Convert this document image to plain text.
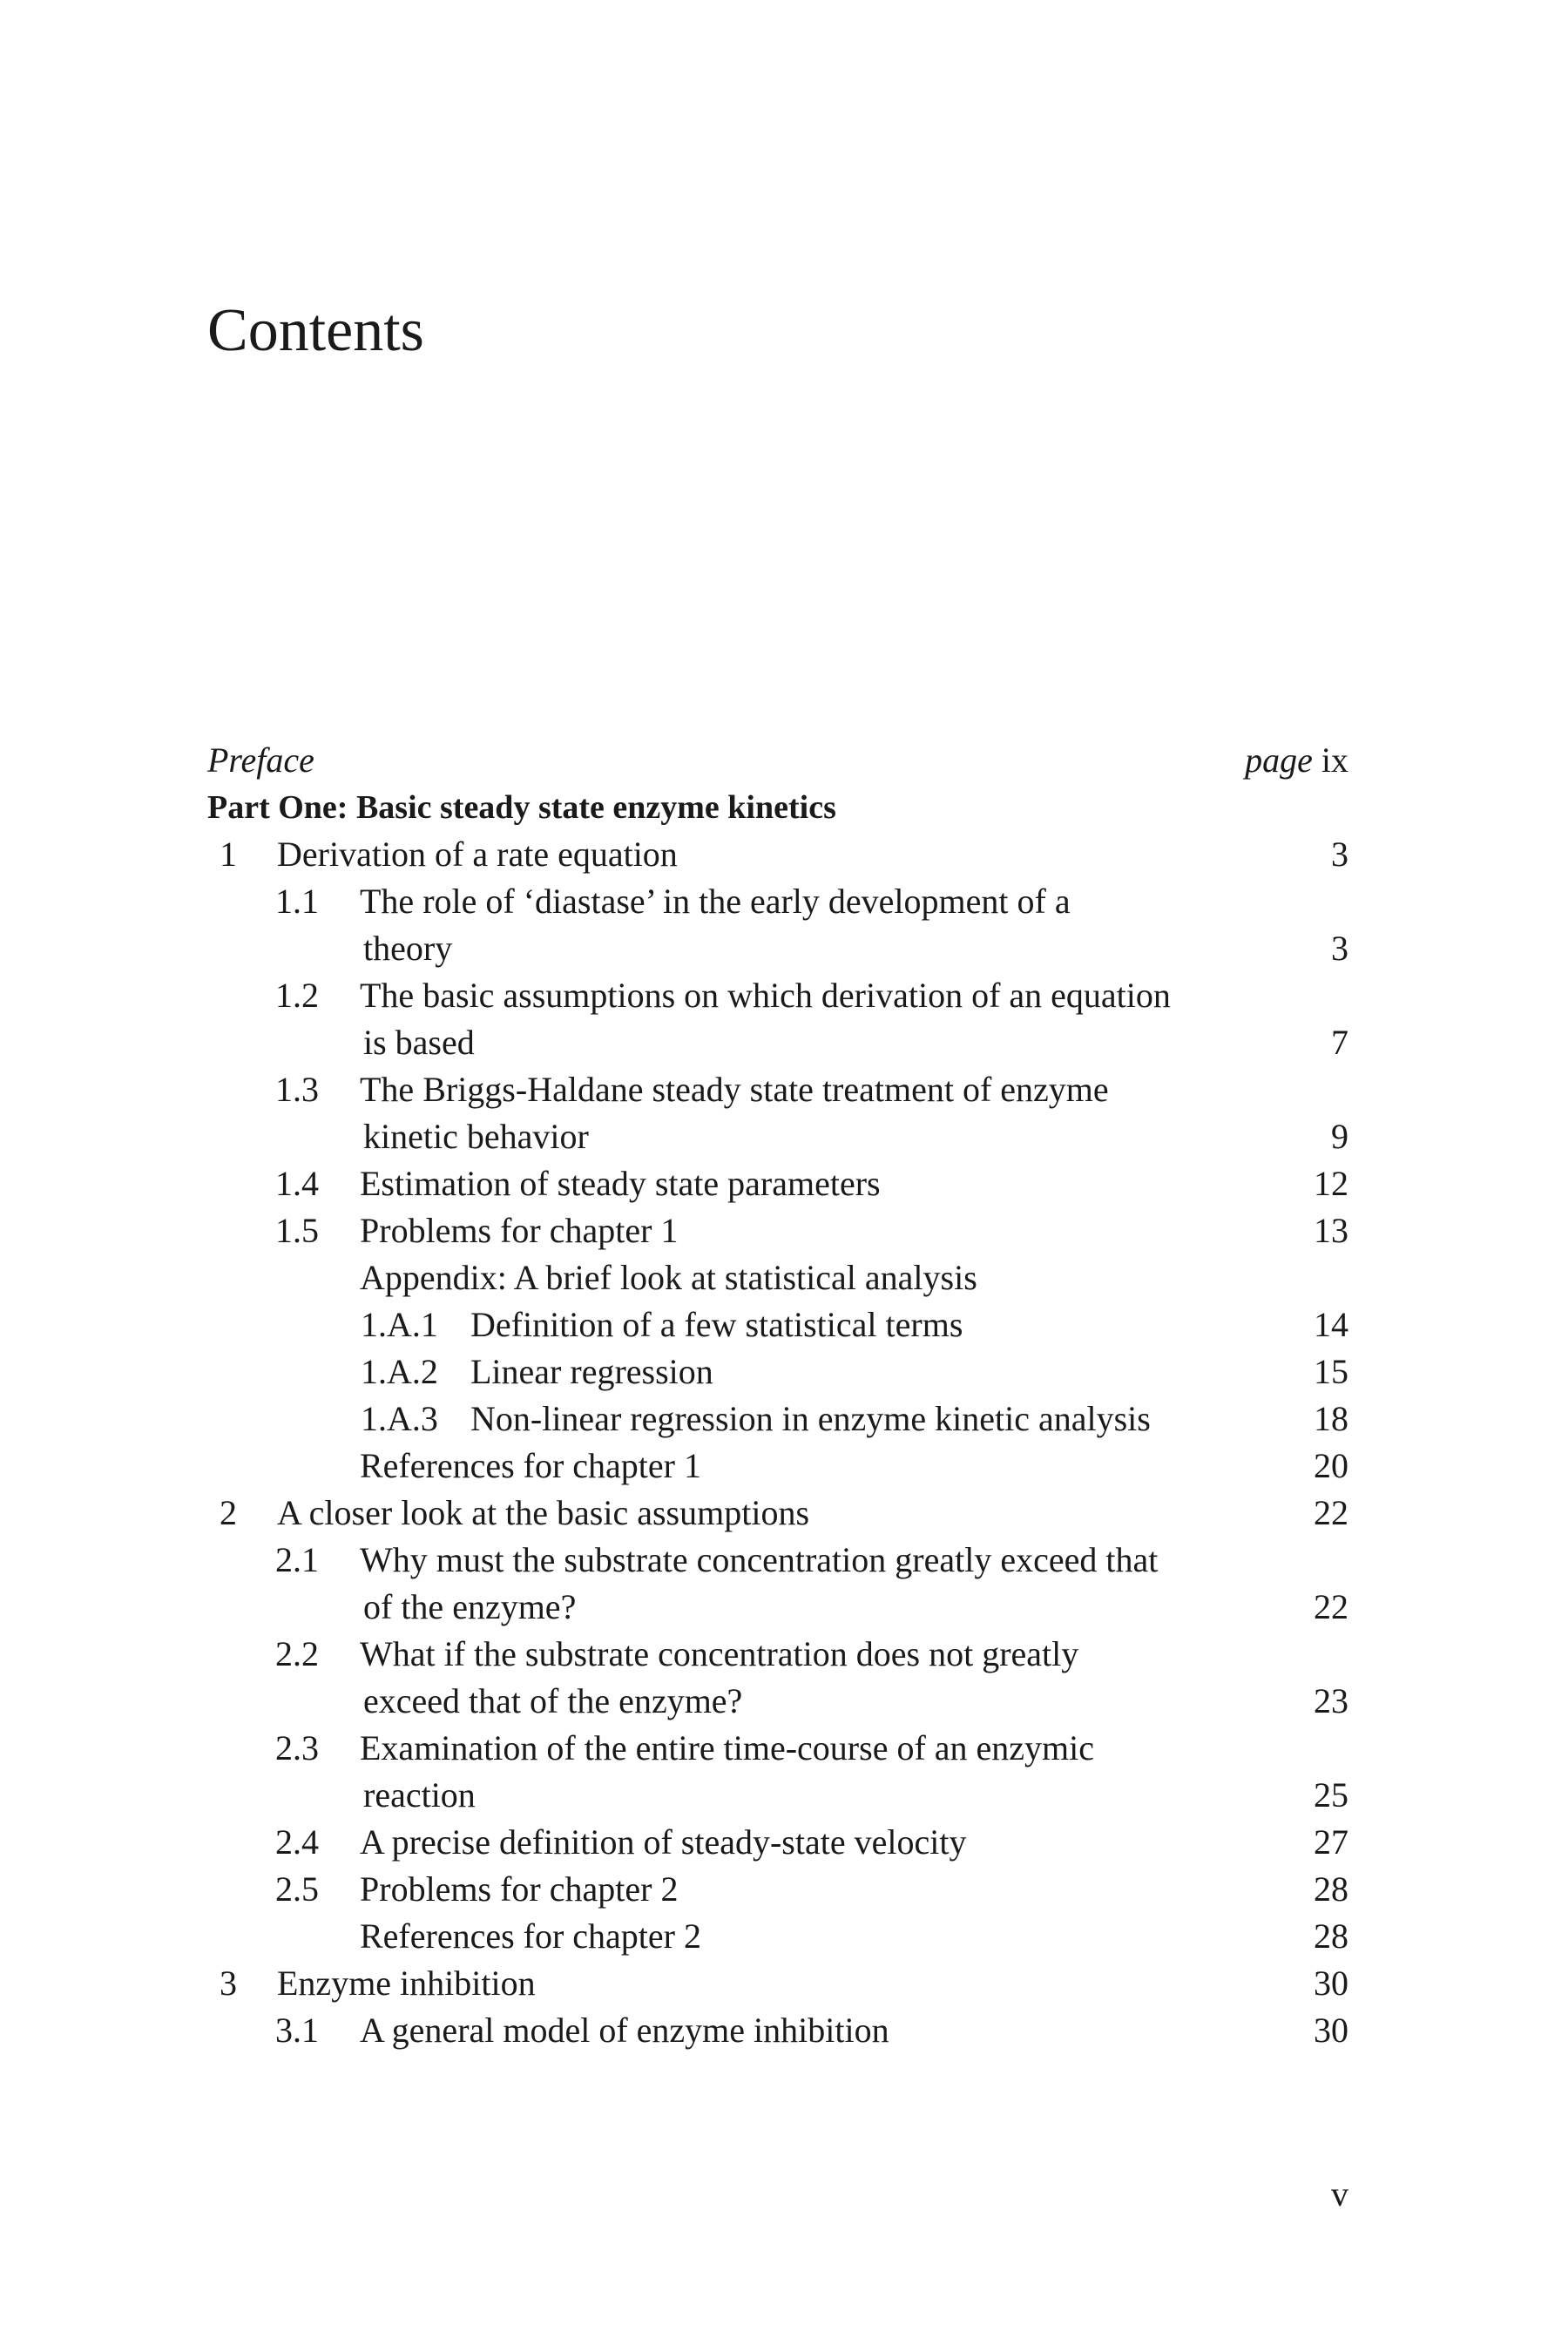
Contents
Preface	page ix
Part One: Basic steady state enzyme kinetics
1 Derivation of a rate equation	3
1.1 The role of ‘diastase’ in the early development of a
theory	3
1.2 The basic assumptions on which derivation of an equation
is based	7
1.3 The Briggs-Haldane steady state treatment of enzyme
kinetic behavior	9
1.4 Estimation of steady state parameters	12
1.5 Problems for chapter 1	13
Appendix: A brief look at statistical analysis
1.A.1 Definition of a few statistical terms	14
1.A.2 Linear regression	15
1.A.3 Non-linear regression in enzyme kinetic analysis	18
References for chapter 1	20
2 A closer look at the basic assumptions	22
2.1 Why must the substrate concentration greatly exceed that
of the enzyme?	22
2.2 What if the substrate concentration does not greatly
exceed that of the enzyme?	23
2.3 Examination of the entire time-course of an enzymic
reaction	25
2.4 A precise definition of steady-state velocity	27
2.5 Problems for chapter 2	28
References for chapter 2	28
3 Enzyme inhibition	30
3.1 A general model of enzyme inhibition	30
v
